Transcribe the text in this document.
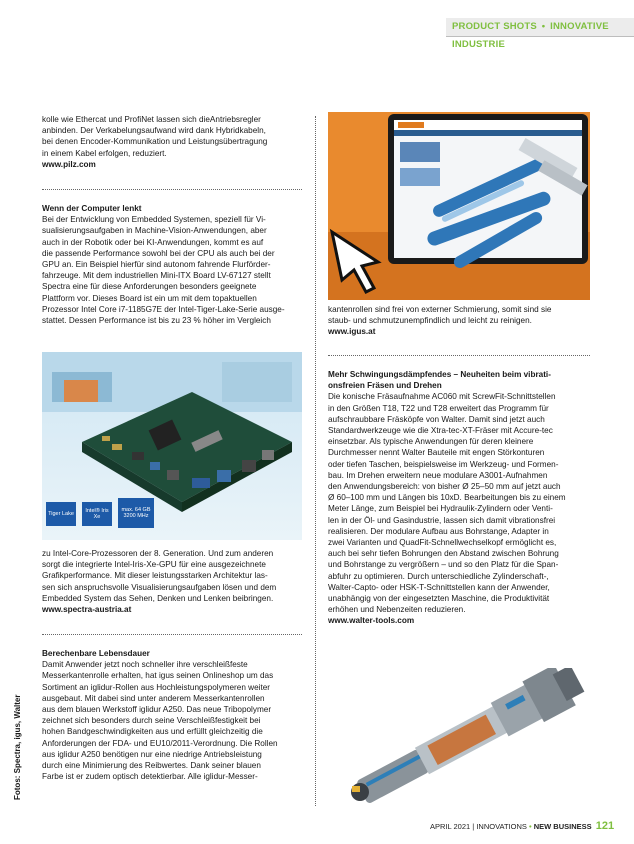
PRODUCT SHOTS • INNOVATIVE INDUSTRIE

kolle wie Ethercat und ProfiNet lassen sich dieAntriebsregler

anbinden. Der Verkabelungsaufwand wird dank Hybridkabeln,

bei denen Encoder-Kommunikation und Leistungsübertragung

in einem Kabel erfolgen, reduziert.

www.pilz.com

Wenn der Computer lenkt

Bei der Entwicklung von Embedded Systemen, speziell für Vi-

sualisierungsaufgaben in Machine-Vision-Anwendungen, aber

auch in der Robotik oder bei KI-Anwendungen, kommt es auf

die passende Performance sowohl bei der CPU als auch bei der

GPU an. Ein Beispiel hierfür sind autonom fahrende Flurförder-

fahrzeuge. Mit dem industriellen Mini-ITX Board LV-67127 stellt

Spectra eine für diese Anforderungen besonders geeignete

Plattform vor. Dieses Board ist ein um mit dem topaktuellen

Prozessor Intel Core i7-1185G7E der Intel-Tiger-Lake-Serie ausge-

stattet. Dessen Performance ist bis zu 23 % höher im Vergleich

Tiger Lake
Intel® Iris Xe
max. 64 GB 3200 MHz

zu Intel-Core-Prozessoren der 8. Generation. Und zum anderen

sorgt die integrierte Intel-Iris-Xe-GPU für eine ausgezeichnete

Grafikperformance. Mit dieser leistungsstarken Architektur las-

sen sich anspruchsvolle Visualisierungsaufgaben lösen und dem

Embedded System das Sehen, Denken und Lenken beibringen.

www.spectra-austria.at

Berechenbare Lebensdauer

Damit Anwender jetzt noch schneller ihre verschleißfeste

Messerkantenrolle erhalten, hat igus seinen Onlineshop um das

Sortiment an iglidur-Rollen aus Hochleistungspolymeren weiter

ausgebaut. Mit dabei sind unter anderem Messerkantenrollen

aus dem blauen Werkstoff iglidur A250. Das neue Tribopolymer

zeichnet sich besonders durch seine Verschleißfestigkeit bei

hohen Bandgeschwindigkeiten aus und erfüllt gleichzeitig die

Anforderungen der FDA- und EU10/2011-Verordnung. Die Rollen

aus iglidur A250 benötigen nur eine niedrige Antriebsleistung

durch eine Minimierung des Reibwertes. Dank seiner blauen

Farbe ist er zudem optisch detektierbar. Alle iglidur-Messer-

Fotos: Spectra, igus, Walter

kantenrollen sind frei von externer Schmierung, somit sind sie

staub- und schmutzunempfindlich und leicht zu reinigen.

www.igus.at

Mehr Schwingungsdämpfendes – Neuheiten beim vibrati-

onsfreien Fräsen und Drehen

Die konische Fräsaufnahme AC060 mit ScrewFit-Schnittstellen

in den Größen T18, T22 und T28 erweitert das Programm für

aufschraubbare Fräsköpfe von Walter. Damit sind jetzt auch

Standardwerkzeuge wie die Xtra-tec-XT-Fräser mit Accure-tec

einsetzbar. Als typische Anwendungen für deren kleinere

Durchmesser nennt Walter Bauteile mit engen Störkonturen

oder tiefen Taschen, beispielsweise im Werkzeug- und Formen-

bau. Im Drehen erweitern neue modulare A3001-Aufnahmen

den Anwendungsbereich: von bisher Ø 25–50 mm auf jetzt auch

Ø 60–100 mm und Längen bis 10xD. Bearbeitungen bis zu einem

Meter Länge, zum Beispiel bei Hydraulik-Zylindern oder Venti-

len in der Öl- und Gasindustrie, lassen sich damit vibrationsfrei

realisieren. Der modulare Aufbau aus Bohrstange, Adapter in

zwei Varianten und QuadFit-Schnellwechselkopf ermöglicht es,

auch bei sehr tiefen Bohrungen den Abstand zwischen Bohrung

und Bohrstange zu vergrößern – und so den Platz für die Span-

abfuhr zu optimieren. Durch unterschiedliche Zylinderschaft-,

Walter-Capto- oder HSK-T-Schnittstellen kann der Anwender,

unabhängig von der eingesetzten Maschine, die Produktivität

erhöhen und Nebenzeiten reduzieren.

www.walter-tools.com

APRIL 2021 | INNOVATIONS • NEW BUSINESS 121
